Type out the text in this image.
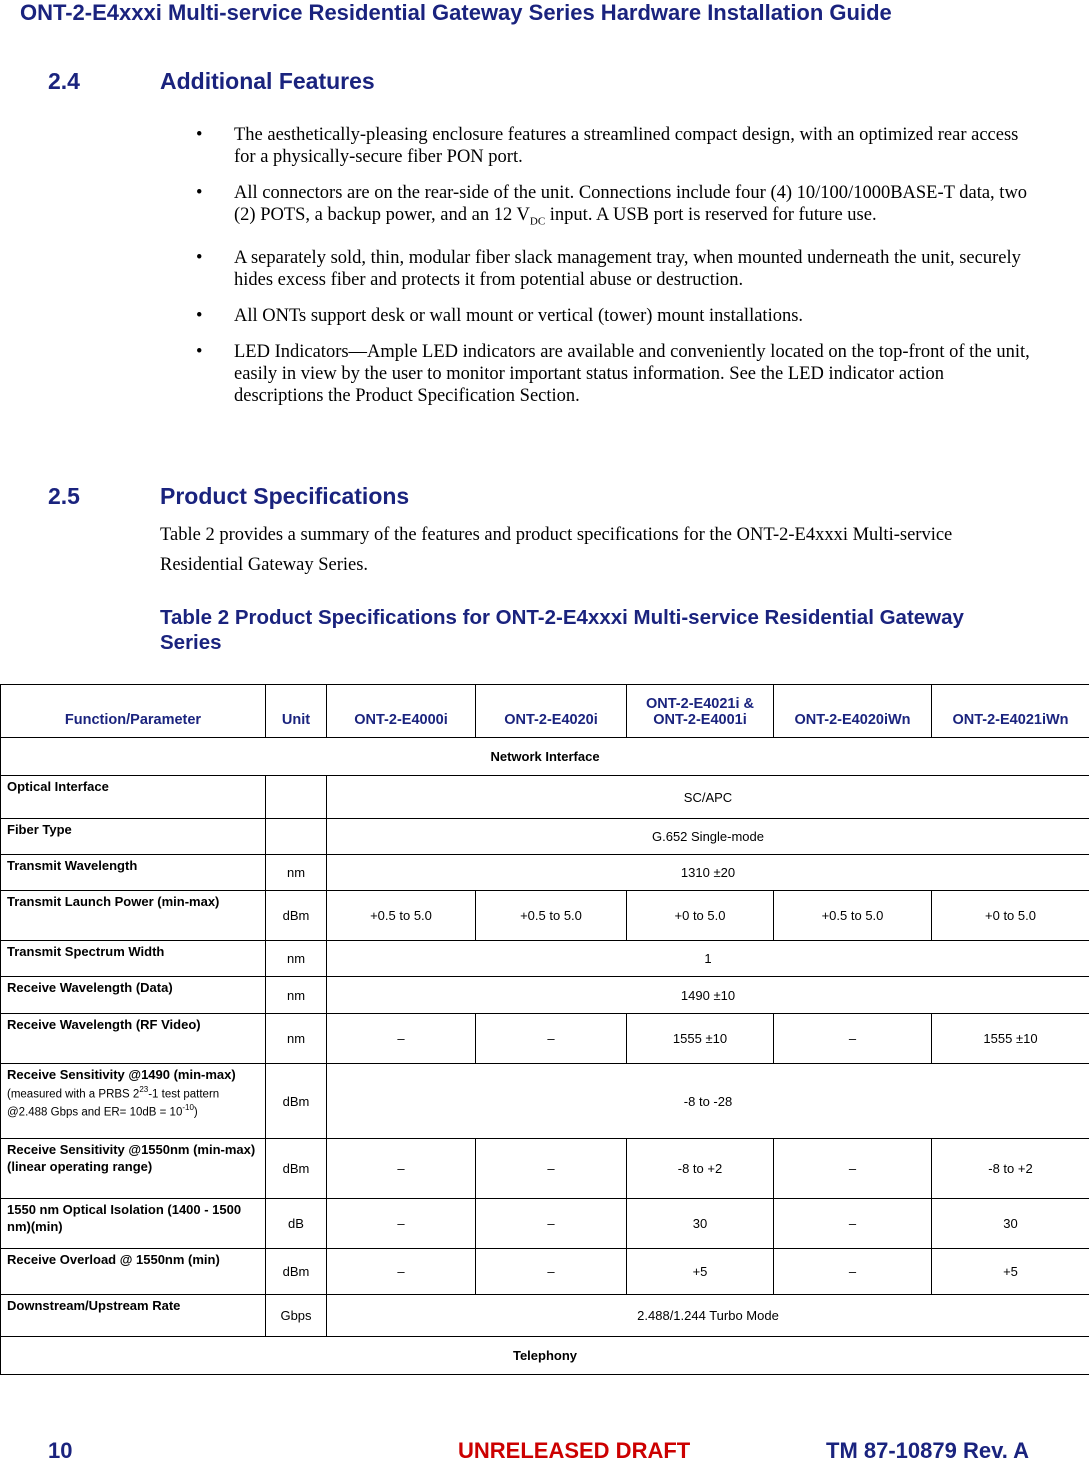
ONT-2-E4xxxi Multi-service Residential Gateway Series Hardware Installation Guide
2.4	Additional Features
• The aesthetically-pleasing enclosure features a streamlined compact design, with an optimized rear access for a physically-secure fiber PON port.
• All connectors are on the rear-side of the unit. Connections include four (4) 10/100/1000BASE-T data, two (2) POTS, a backup power, and an 12 $V_{DC}$ input. A USB port is reserved for future use.
• A separately sold, thin, modular fiber slack management tray, when mounted underneath the unit, securely hides excess fiber and protects it from potential abuse or destruction.
• All ONTs support desk or wall mount or vertical (tower) mount installations.
• LED Indicators—Ample LED indicators are available and conveniently located on the top-front of the unit, easily in view by the user to monitor important status information. See the LED indicator action descriptions the Product Specification Section.
2.5	Product Specifications
Table 2 provides a summary of the features and product specifications for the ONT-2-E4xxxi Multi-service Residential Gateway Series.
Table 2 Product Specifications for ONT-2-E4xxxi Multi-service Residential Gateway Series
Function/Parameter	Unit	ONT-2-E4000i	ONT-2-E4020i	ONT-2-E4021i & ONT-2-E4001i	ONT-2-E4020iWn	ONT-2-E4021iWn
Network Interface						
Optical Interface		SC/APC				
Fiber Type		G.652 Single-mode				
Transmit Wavelength	nm	1310 ±20				
Transmit Launch Power (min-max)	dBm	+0.5 to 5.0	+0.5 to 5.0	+0 to 5.0	+0.5 to 5.0	+0 to 5.0
Transmit Spectrum Width	nm	1				
Receive Wavelength (Data)	nm	1490 ±10				
Receive Wavelength (RF Video)	nm	–	–	1555 ±10	–	1555 ±10
Receive Sensitivity @1490 (min-max) (measured with a PRBS 2$^{23}$-1 test pattern @2.488 Gbps and ER= 10dB = 10$^{-10}$)	dBm	-8 to -28				
Receive Sensitivity @1550nm (min-max) (linear operating range)	dBm	–	–	-8 to +2	–	-8 to +2
1550 nm Optical Isolation (1400 - 1500 nm)(min)	dB	–	–	30	–	30
Receive Overload @ 1550nm (min)	dBm	–	–	+5	–	+5
Downstream/Upstream Rate	Gbps	2.488/1.244 Turbo Mode				
Telephony						
10	UNRELEASED DRAFT	TM 87-10879 Rev. A
